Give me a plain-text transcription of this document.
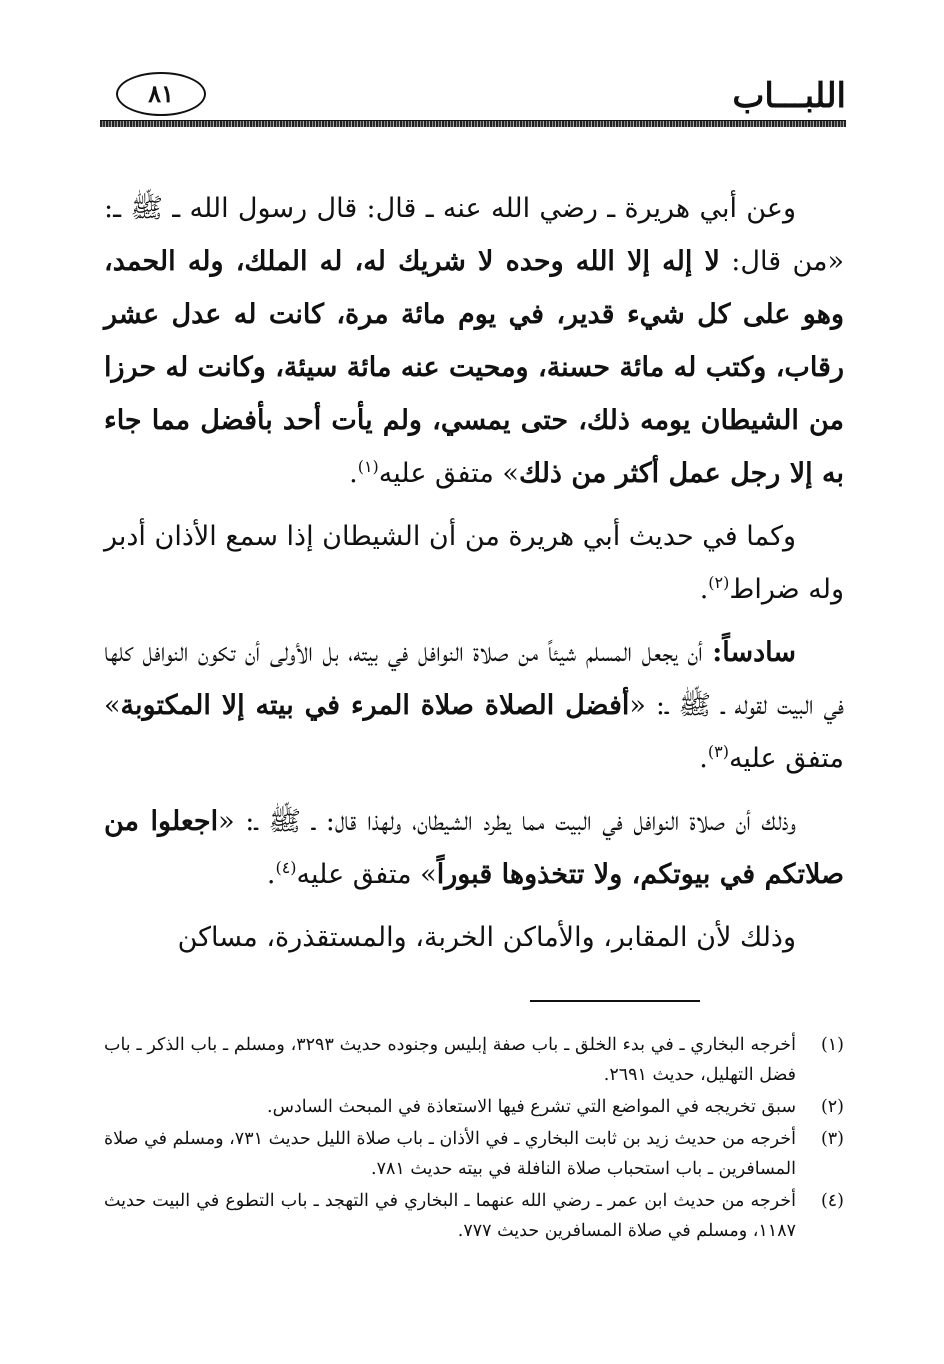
اللبـــاب
٨١

وعن أبي هريرة ـ رضي الله عنه ـ قال: قال رسول الله ـ ﷺ ـ: «من قال: لا إله إلا الله وحده لا شريك له، له الملك، وله الحمد، وهو على كل شيء قدير، في يوم مائة مرة، كانت له عدل عشر رقاب، وكتب له مائة حسنة، ومحيت عنه مائة سيئة، وكانت له حرزا من الشيطان يومه ذلك، حتى يمسي، ولم يأت أحد بأفضل مما جاء به إلا رجل عمل أكثر من ذلك» متفق عليه$^{(١)}$.

وكما في حديث أبي هريرة من أن الشيطان إذا سمع الأذان أدبر وله ضراط$^{(٢)}$.

سادساً: أن يجعل المسلم شيئاً من صلاة النوافل في بيته، بل الأولى أن تكون النوافل كلها في البيت لقوله ـ ﷺ ـ: «أفضل الصلاة صلاة المرء في بيته إلا المكتوبة» متفق عليه$^{(٣)}$.

وذلك أن صلاة النوافل في البيت مما يطرد الشيطان، ولهذا قال: ـ ﷺ ـ: «اجعلوا من صلاتكم في بيوتكم، ولا تتخذوها قبوراً» متفق عليه$^{(٤)}$.

وذلك لأن المقابر، والأماكن الخربة، والمستقذرة، مساكن

(١)
أخرجه البخاري ـ في بدء الخلق ـ باب صفة إبليس وجنوده حديث ٣٢٩٣، ومسلم ـ باب الذكر ـ باب فضل التهليل، حديث ٢٦٩١.
(٢)
سبق تخريجه في المواضع التي تشرع فيها الاستعاذة في المبحث السادس.
(٣)
أخرجه من حديث زيد بن ثابت البخاري ـ في الأذان ـ باب صلاة الليل حديث ٧٣١، ومسلم في صلاة المسافرين ـ باب استحباب صلاة النافلة في بيته حديث ٧٨١.
(٤)
أخرجه من حديث ابن عمر ـ رضي الله عنهما ـ البخاري في التهجد ـ باب التطوع في البيت حديث ١١٨٧، ومسلم في صلاة المسافرين حديث ٧٧٧.
